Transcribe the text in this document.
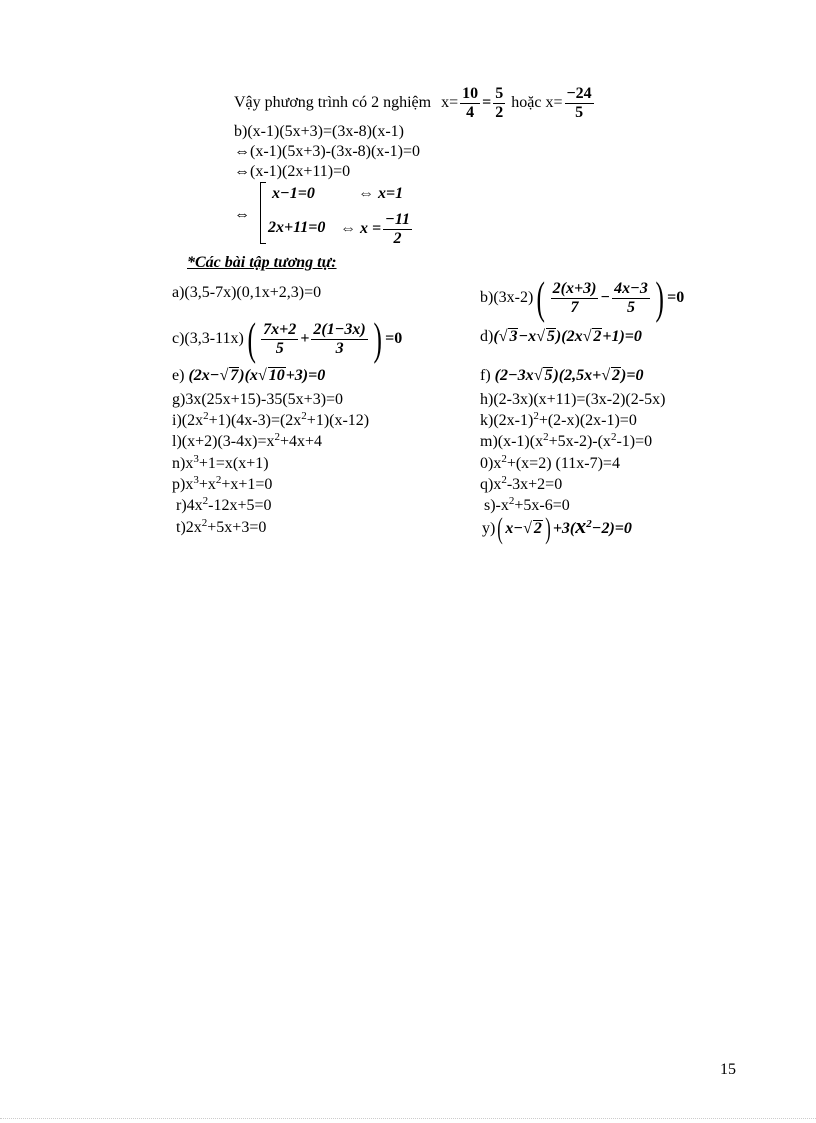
Vậy phương trình có 2 nghiệm $x= \frac{10}{4} = \frac{5}{2}$ hoặc $x= \frac{-24}{5}$
b)(x-1)(5x+3)=(3x-8)(x-1)
⇔(x-1)(5x+3)-(3x-8)(x-1)=0
⇔(x-1)(2x+11)=0
⇔
x−1=0	⇔ x=1
2x+11=0 ⇔ $x = \frac{-11}{2}$
*Các bài tập tương tự:
a)(3,5-7x)(0,1x+2,3)=0
$c)(3,3-11x)( \frac{7x+2}{5} + \frac{2(1-3x)}{3}$ ) =0
e) (2x−√ 7)(x√ 10+3)=0
g)3x(25x+15)-35(5x+3)=0
$i)(2x^2+1)(4x-3)=(2x^2+1)(x-12)$
$l)(x+2)(3-4x)=x^2+4x+4$
$n)x^3+1=x(x+1)$
$p)x^3+x^2+x+1=0$
$r)4x^2-12x+5=0$
$t)2x^2+5x+3=0$
$b)(3x-2)( \frac{2(x+3)}{7} - \frac{4x-3}{5}$ ) =0
d)(√ 3−x√ 5)(2x√ 2+1)=0
f) (2−3x√ 5)(2,5x+√ 2)=0
h)(2-3x)(x+11)=(3x-2)(2-5x)
$k)(2x-1)^2+(2-x)(2x-1)=0$
$m)(x-1)(x^2+5x-2)-(x^2-1)=0$
$0)x^2+(x=2)$ (11x-7)=4
$q)x^2-3x+2=0$
$s)-x^2+5x-6=0$
y)( x−√ 2 ) $+3(x^2-2)=0$
15
